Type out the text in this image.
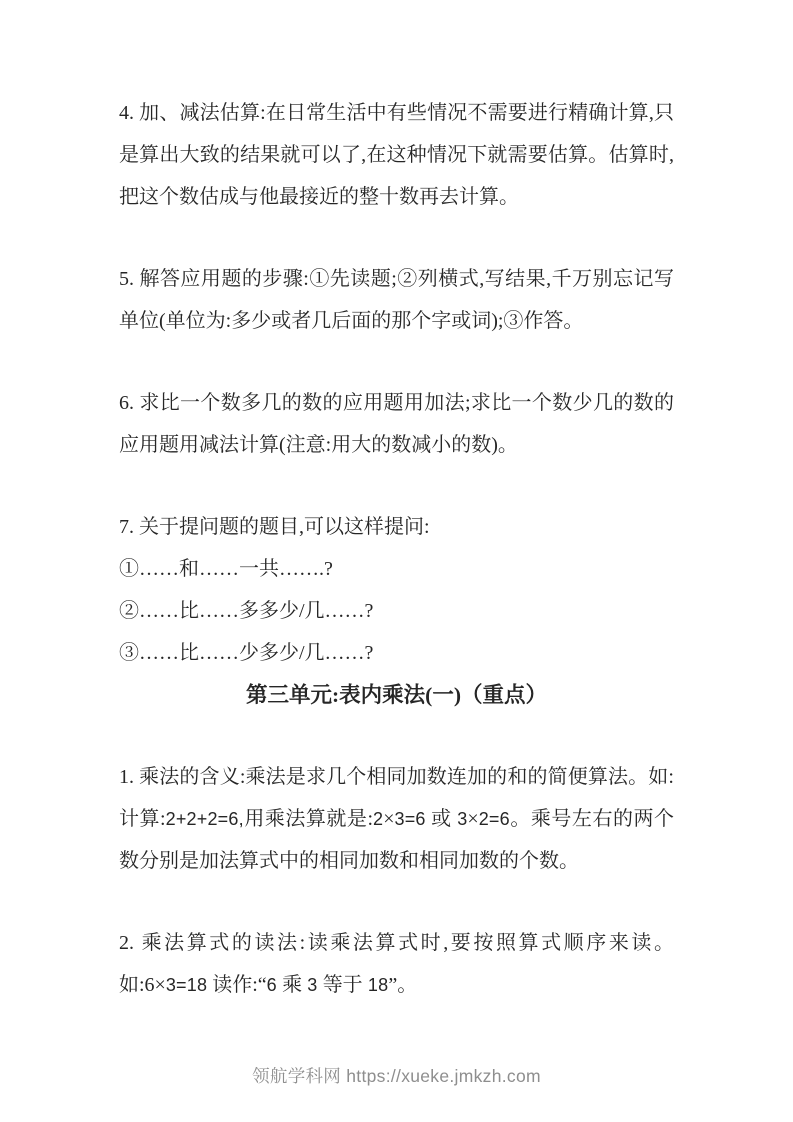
4. 加、减法估算:在日常生活中有些情况不需要进行精确计算,只是算出大致的结果就可以了,在这种情况下就需要估算。估算时,把这个数估成与他最接近的整十数再去计算。
5. 解答应用题的步骤:①先读题;②列横式,写结果,千万别忘记写单位(单位为:多少或者几后面的那个字或词);③作答。
6. 求比一个数多几的数的应用题用加法;求比一个数少几的数的应用题用减法计算(注意:用大的数减小的数)。
7. 关于提问题的题目,可以这样提问:
①……和……一共…….?
②……比……多多少/几……?
③……比……少多少/几……?
第三单元:表内乘法(一)（重点）
1. 乘法的含义:乘法是求几个相同加数连加的和的简便算法。如:计算:2+2+2=6,用乘法算就是:2×3=6 或 3×2=6。乘号左右的两个数分别是加法算式中的相同加数和相同加数的个数。
2. 乘法算式的读法:读乘法算式时,要按照算式顺序来读。如:6×3=18 读作:“6 乘 3 等于 18”。
领航学科网 https://xueke.jmkzh.com
